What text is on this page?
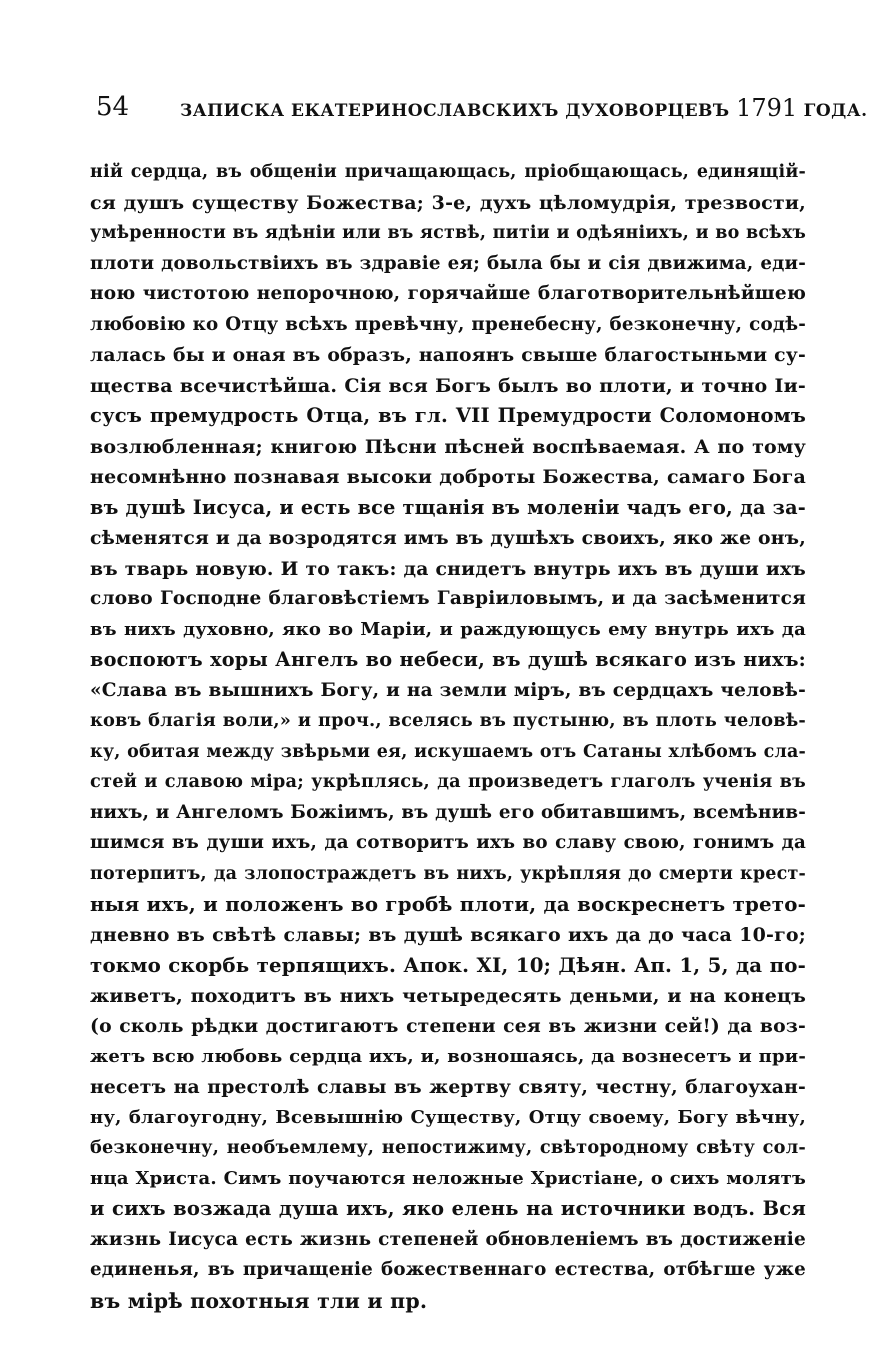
54	ЗАПИСКА ЕКАТЕРИНОСЛАВСКИХЪ ДУХОВОРЦЕВЪ 1791 ГОДА.
ній сердца, въ общеніи причащающась, пріобщающась, единящій-
ся душъ существу Божества; 3-е, духъ цѣломудрія, трезвости,
умѣренности въ ядѣніи или въ яствѣ, питіи и одѣяніихъ, и во всѣхъ
плоти довольствіихъ въ здравіе ея; была бы и сія движима, еди-
ною чистотою непорочною, горячайше благотворительнѣйшею
любовію ко Отцу всѣхъ превѣчну, пренебесну, безконечну, содѣ-
лалась бы и оная въ образъ, напоянъ свыше благостыньми су-
щества всечистѣйша. Сія вся Богъ былъ во плоти, и точно Іи-
сусъ премудрость Отца, въ гл. VII Премудрости Соломономъ
возлюбленная; книгою Пѣсни пѣсней воспѣваемая. А по тому
несомнѣнно познавая высоки доброты Божества, самаго Бога
въ душѣ Іисуса, и есть все тщанія въ моленіи чадъ его, да за-
сѣменятся и да возродятся имъ въ душѣхъ своихъ, яко же онъ,
въ тварь новую. И то такъ: да снидетъ внутрь ихъ въ души ихъ
слово Господне благовѣстіемъ Гавріиловымъ, и да засѣменится
въ нихъ духовно, яко во Маріи, и раждующусь ему внутрь ихъ да
воспоютъ хоры Ангелъ во небеси, въ душѣ всякаго изъ нихъ:
«Слава въ вышнихъ Богу, и на земли міръ, въ сердцахъ человѣ-
ковъ благія воли,» и проч., вселясь въ пустыню, въ плоть человѣ-
ку, обитая между звѣрьми ея, искушаемъ отъ Сатаны хлѣбомъ сла-
стей и славою міра; укрѣплясь, да произведетъ глаголъ ученія въ
нихъ, и Ангеломъ Божіимъ, въ душѣ его обитавшимъ, всемѣнив-
шимся въ души ихъ, да сотворитъ ихъ во славу свою, гонимъ да
потерпитъ, да злопостраждетъ въ нихъ, укрѣпляя до смерти крест-
ныя ихъ, и положенъ во гробѣ плоти, да воскреснетъ трето-
дневно въ свѣтѣ славы; въ душѣ всякаго ихъ да до часа 10-го;
токмо скорбь терпящихъ. Апок. XI, 10; Дѣян. Ап. 1, 5, да по-
живетъ, походитъ въ нихъ четыредесять деньми, и на конецъ
(о сколь рѣдки достигаютъ степени сея въ жизни сей!) да воз-
жетъ всю любовь сердца ихъ, и, возношаясь, да вознесетъ и при-
несетъ на престолѣ славы въ жертву святу, честну, благоухан-
ну, благоугодну, Всевышнію Существу, Отцу своему, Богу вѣчну,
безконечну, необъемлему, непостижиму, свѣтородному свѣту сол-
нца Христа. Симъ поучаются нелoжные Христіане, о сихъ молятъ
и сихъ возжада душа ихъ, яко елень на источники водъ. Вся
жизнь Іисуса есть жизнь степеней обновленіемъ въ достиженіе
единенья, въ причащеніе божественнаго естества, отбѣгше уже
въ мірѣ похотныя тли и пр.
